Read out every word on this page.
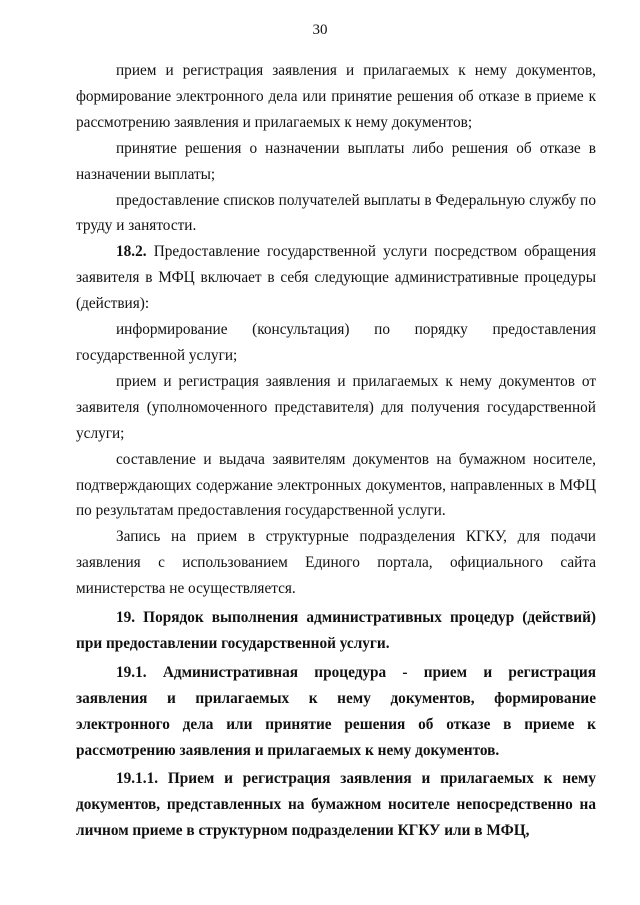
30

прием и регистрация заявления и прилагаемых к нему документов, формирование электронного дела или принятие решения об отказе в приеме к рассмотрению заявления и прилагаемых к нему документов;

принятие решения о назначении выплаты либо решения об отказе в назначении выплаты;

предоставление списков получателей выплаты в Федеральную службу по труду и занятости.

18.2. Предоставление государственной услуги посредством обращения заявителя в МФЦ включает в себя следующие административные процедуры (действия):

информирование (консультация) по порядку предоставления государственной услуги;

прием и регистрация заявления и прилагаемых к нему документов от заявителя (уполномоченного представителя) для получения государственной услуги;

составление и выдача заявителям документов на бумажном носителе, подтверждающих содержание электронных документов, направленных в МФЦ по результатам предоставления государственной услуги.

Запись на прием в структурные подразделения КГКУ, для подачи заявления с использованием Единого портала, официального сайта министерства не осуществляется.

19. Порядок выполнения административных процедур (действий) при предоставлении государственной услуги.

19.1. Административная процедура - прием и регистрация заявления и прилагаемых к нему документов, формирование электронного дела или принятие решения об отказе в приеме к рассмотрению заявления и прилагаемых к нему документов.

19.1.1. Прием и регистрация заявления и прилагаемых к нему документов, представленных на бумажном носителе непосредственно на личном приеме в структурном подразделении КГКУ или в МФЦ,
